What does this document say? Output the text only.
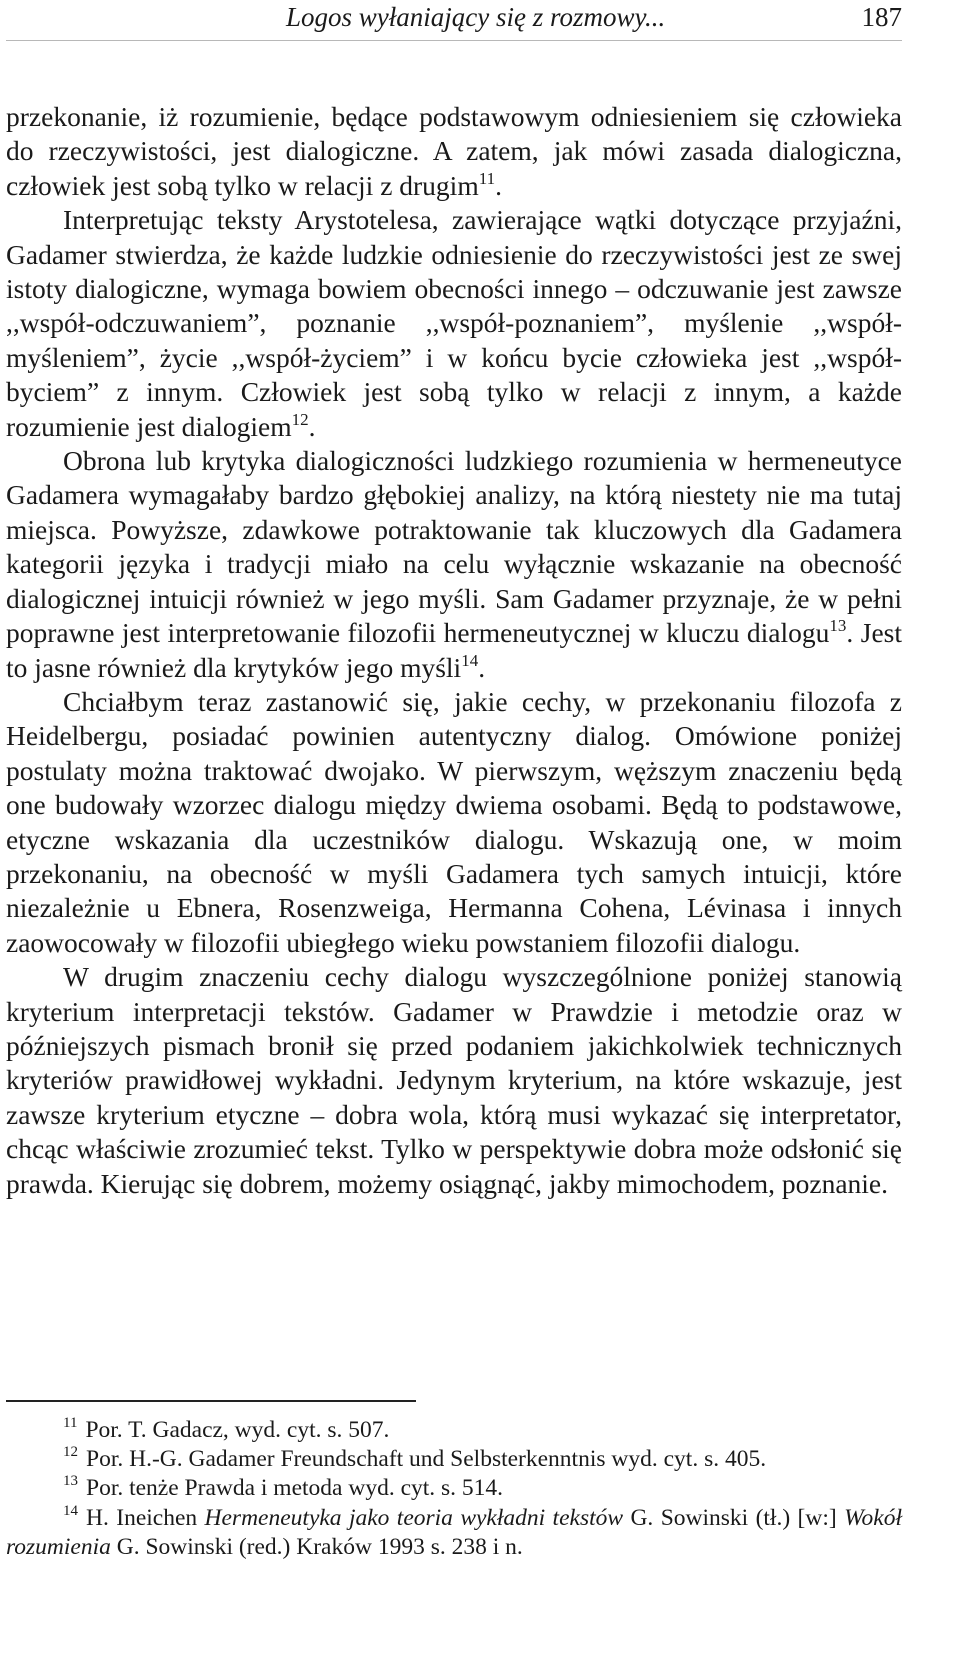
Logos wyłaniający się z rozmowy...	187

przekonanie, iż rozumienie, będące podstawowym odniesieniem się człowieka do rzeczywistości, jest dialogiczne. A zatem, jak mówi zasada dialogiczna, człowiek jest sobą tylko w relacji z drugim$^{11}$.

Interpretując teksty Arystotelesa, zawierające wątki dotyczące przyjaźni, Gadamer stwierdza, że każde ludzkie odniesienie do rzeczywistości jest ze swej istoty dialogiczne, wymaga bowiem obecności innego – odczuwanie jest zawsze ,,współ-odczuwaniem”, poznanie ,,współ-poznaniem”, myślenie ,,współ-myśleniem”, życie ,,współ-życiem” i w końcu bycie człowieka jest ,,współ-byciem” z innym. Człowiek jest sobą tylko w relacji z innym, a każde rozumienie jest dialogiem$^{12}$.

Obrona lub krytyka dialogiczności ludzkiego rozumienia w hermeneutyce Gadamera wymagałaby bardzo głębokiej analizy, na którą niestety nie ma tutaj miejsca. Powyższe, zdawkowe potraktowanie tak kluczowych dla Gadamera kategorii języka i tradycji miało na celu wyłącznie wskazanie na obecność dialogicznej intuicji również w jego myśli. Sam Gadamer przyznaje, że w pełni poprawne jest interpretowanie filozofii hermeneutycznej w kluczu dialogu$^{13}$. Jest to jasne również dla krytyków jego myśli$^{14}$.

Chciałbym teraz zastanowić się, jakie cechy, w przekonaniu filozofa z Heidelbergu, posiadać powinien autentyczny dialog. Omówione poniżej postulaty można traktować dwojako. W pierwszym, węższym znaczeniu będą one budowały wzorzec dialogu między dwiema osobami. Będą to podstawowe, etyczne wskazania dla uczestników dialogu. Wskazują one, w moim przekonaniu, na obecność w myśli Gadamera tych samych intuicji, które niezależnie u Ebnera, Rosenzweiga, Hermanna Cohena, Lévinasa i innych zaowocowały w filozofii ubiegłego wieku powstaniem filozofii dialogu.

W drugim znaczeniu cechy dialogu wyszczególnione poniżej stanowią kryterium interpretacji tekstów. Gadamer w Prawdzie i metodzie oraz w późniejszych pismach bronił się przed podaniem jakichkolwiek technicznych kryteriów prawidłowej wykładni. Jedynym kryterium, na które wskazuje, jest zawsze kryterium etyczne – dobra wola, którą musi wykazać się interpretator, chcąc właściwie zrozumieć tekst. Tylko w perspektywie dobra może odsłonić się prawda. Kierując się dobrem, możemy osiągnąć, jakby mimochodem, poznanie.

$^{11}$ Por. T. Gadacz, wyd. cyt. s. 507.

$^{12}$ Por. H.-G. Gadamer Freundschaft und Selbsterkenntnis wyd. cyt. s. 405.

$^{13}$ Por. tenże Prawda i metoda wyd. cyt. s. 514.

$^{14}$ H. Ineichen Hermeneutyka jako teoria wykładni tekstów G. Sowinski (tł.) [w:] Wokół rozumienia G. Sowinski (red.) Kraków 1993 s. 238 i n.
